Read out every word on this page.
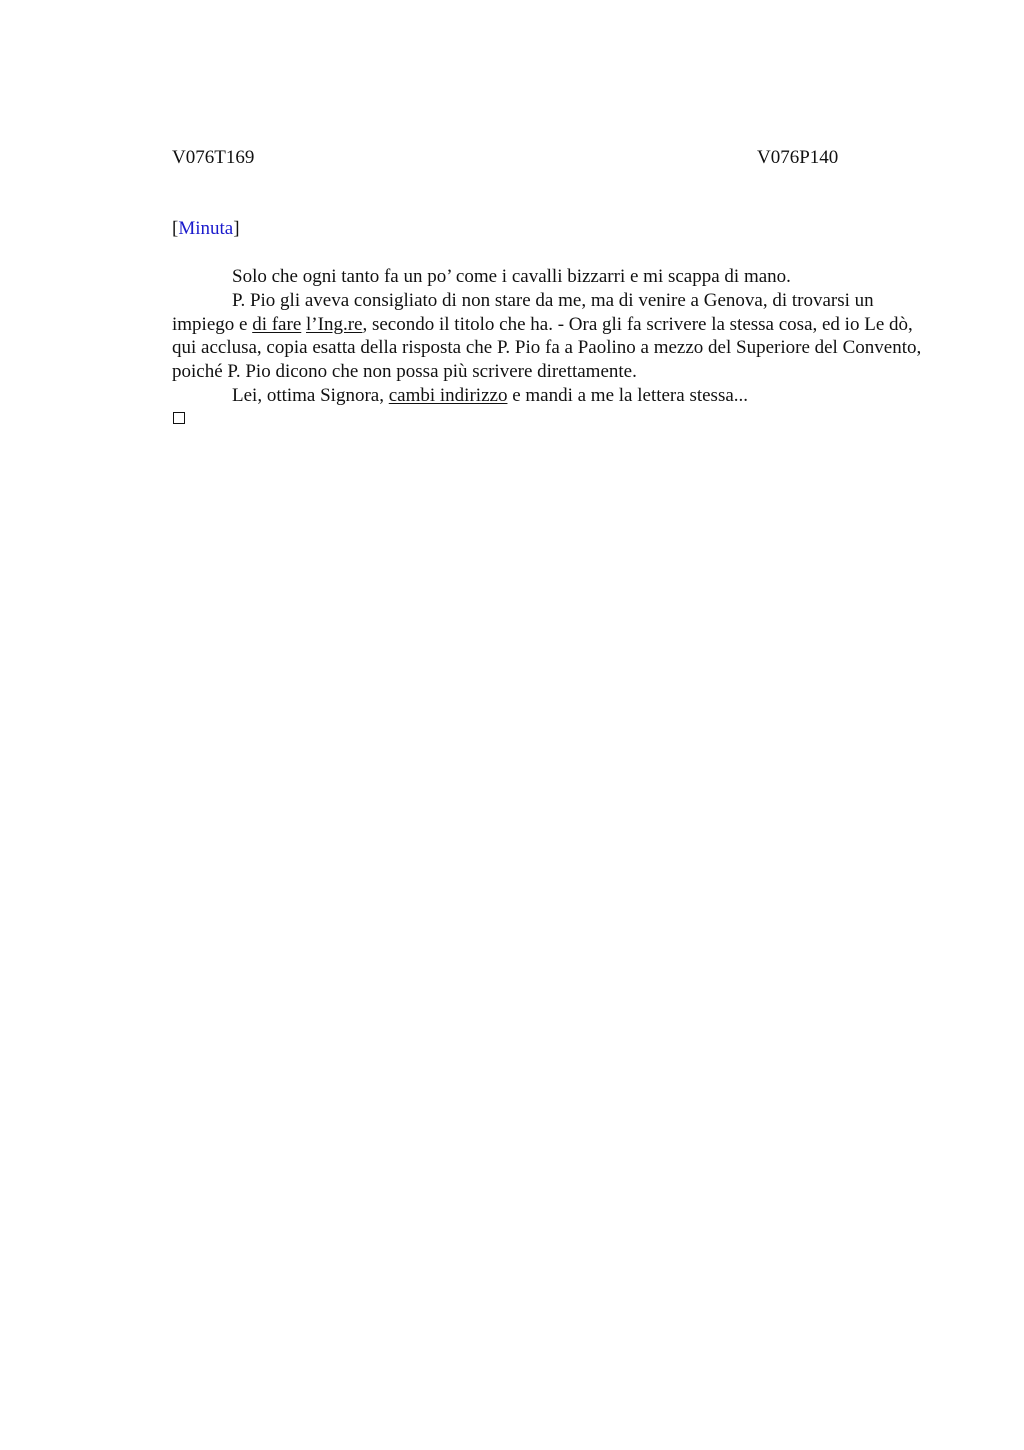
V076T169	V076P140
[Minuta]

Solo che ogni tanto fa un po’ come i cavalli bizzarri e mi scappa di mano.

P. Pio gli aveva consigliato di non stare da me, ma di venire a Genova, di trovarsi un impiego e di fare l’Ing.re, secondo il titolo che ha. - Ora gli fa scrivere la stessa cosa, ed io Le dò, qui acclusa, copia esatta della risposta che P. Pio fa a Paolino a mezzo del Superiore del Convento, poiché P. Pio dicono che non possa più scrivere direttamente.

Lei, ottima Signora, cambi indirizzo e mandi a me la lettera stessa...
